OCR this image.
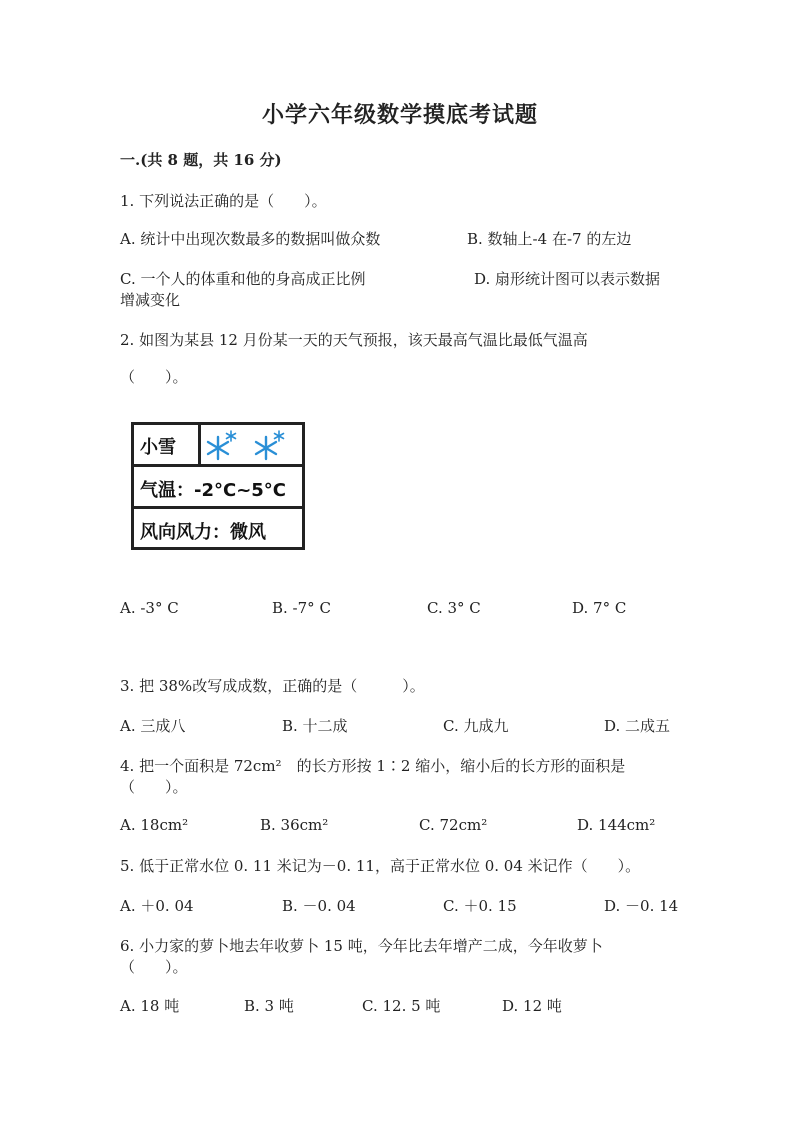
小学六年级数学摸底考试题
一.(共 8 题，共 16 分)
1. 下列说法正确的是（　　）。
A. 统计中出现次数最多的数据叫做众数	B. 数轴上-4 在-7 的左边
C. 一个人的体重和他的身高成正比例	D. 扇形统计图可以表示数据
增减变化
2. 如图为某县 12 月份某一天的天气预报，该天最高气温比最低气温高
（　　）。
小雪
气温：-2°C~5°C
风向风力：微风
A. -3° C	B. -7° C	C. 3° C	D. 7° C
3. 把 38%改写成成数，正确的是（　　　）。
A. 三成八	B. 十二成	C. 九成九	D. 二成五
4. 把一个面积是 72cm²　的长方形按 1∶2 缩小，缩小后的长方形的面积是
（　　）。
A. 18cm²	B. 36cm²	C. 72cm²	D. 144cm²
5. 低于正常水位 0. 11 米记为－0. 11，高于正常水位 0. 04 米记作（　　）。
A. ＋0. 04	B. －0. 04	C. ＋0. 15	D. －0. 14
6. 小力家的萝卜地去年收萝卜 15 吨，今年比去年增产二成，今年收萝卜
（　　）。
A. 18 吨	B. 3 吨	C. 12. 5 吨	D. 12 吨
